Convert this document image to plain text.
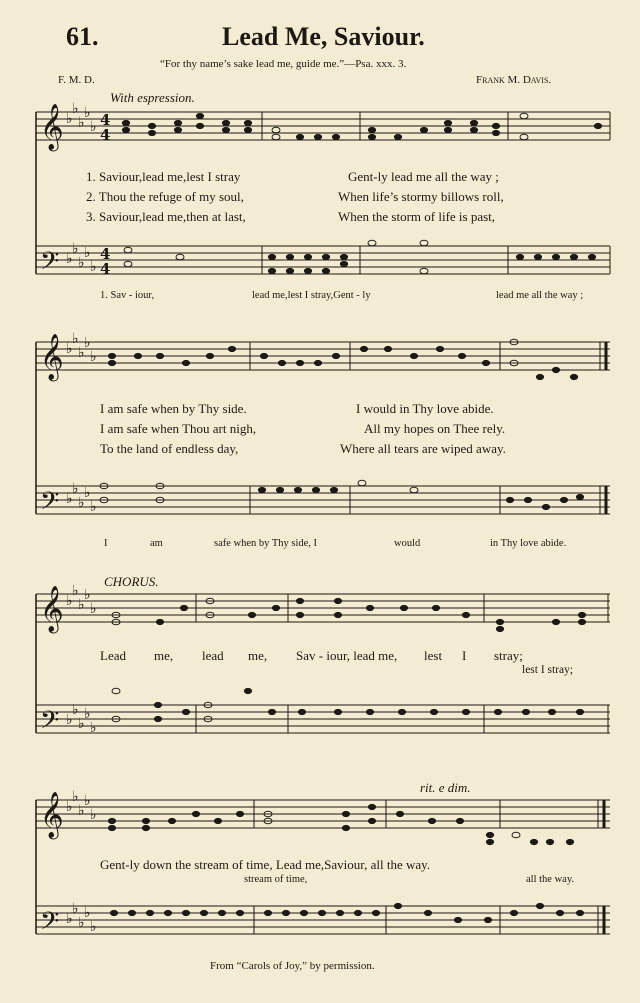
61.	Lead Me, Saviour.
“For thy name’s sake lead me, guide me.”—Psa. xxx. 3.
F. M. D.	Frank M. Davis.
With espression.
𝄞
𝄢
𝄞
𝄢
𝄞
𝄢
𝄞
𝄢
♭
♭
♭
♭
♭
♭
♭
♭
♭
♭
♭
♭
♭
♭
♭
♭
♭
♭
♭
♭
♭
♭
♭
♭
♭
♭
♭
♭
♭
♭
♭
♭
♭
♭
♭
♭
♭
♭
♭
♭
4
4
4
4
1. Saviour,lead me,lest I stray	Gent-ly lead me all the way ;
2. Thou the refuge of my soul,	When life’s stormy billows roll,
3. Saviour,lead me,then at last,	When the storm of life is past,
1. Sav - iour,	lead me,lest I stray,Gent - ly	lead me all the way ;
I am safe when by Thy side.	I would in Thy love abide.
I am safe when Thou art nigh,	All my hopes on Thee rely.
To the land of endless day,	Where all tears are wiped away.
I	am	safe when by Thy side, I	would	in Thy love abide.
CHORUS.
Lead me, lead me, Sav - iour, lead me, lest I stray;
lest I stray;
rit. e dim.
Gent-ly down the stream of time, Lead me,Saviour, all the way.
stream of time,	all the way.
From “Carols of Joy,” by permission.
